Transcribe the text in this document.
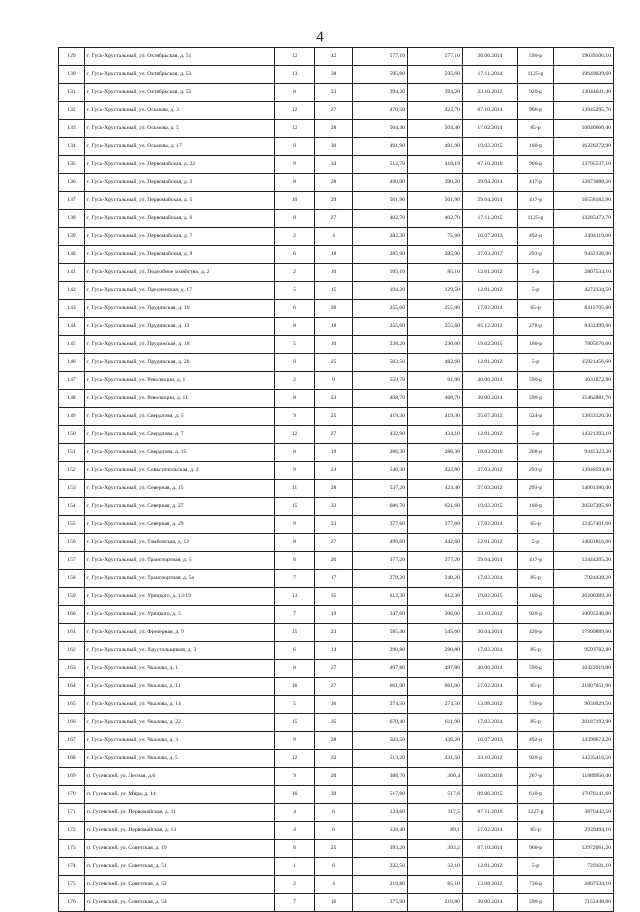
4
129	г. Гусь-Хрустальный, ул. Октябрьская, д. 51	12	42	577,10	577,10	30.06.2014	590-р	19039106,10
130	г. Гусь-Хрустальный, ул. Октябрьская, д. 53	13	38	595,60	595,60	17.11.2014	1125-р	19649039,60
131	г. Гусь-Хрустальный, ул. Октябрьская, д. 55	8	23	394,20	394,20	23.10.2012	920-р	13044641,40
132	г. Гусь-Хрустальный, ул. Осьмова, д. 3	12	27	470,50	422,70	07.10.2014	966-р	13945295,70
133	г. Гусь-Хрустальный, ул. Осьмова, д. 5	12	28	504,40	504,40	17.02.2014	85-р	16640660,40
134	г. Гусь-Хрустальный, ул. Осьмова, д. 17	9	30	491,90	491,90	19.02.2015	160-р	16228272,90
135	г. Гусь-Хрустальный, ул. Первомайская, д. 22	9	34	512,70	418,19	07.10.2016	966-р	13795537,10
136	г. Гусь-Хрустальный, ул. Первомайская, д. 3	8	28	490,00	390,20	29.04.2014	417-р	12873088,20
137	г. Гусь-Хрустальный, ул. Первомайская, д. 5	10	29	501,90	501,90	29.04.2014	417-р	16558182,90
138	г. Гусь-Хрустальный, ул. Первомайская, д. 6	8	27	402,70	402,70	17.11.2015	1125-р	13285473,70
139	г. Гусь-Хрустальный, ул. Первомайская, д. 7	2	4	282,30	75,60	10.07.2013	492-р	2494119,60
140	г. Гусь-Хрустальный, ул. Первомайская, д. 9	6	18	285,90	285,90	27.03.2017	293-р	9432126,90
141	г. Гусь-Хрустальный, ул. Подсобное хозяйство, д. 2	2	10	105,10	85,10	12.01.2012	5-р	2807534,10
142	г. Гусь-Хрустальный, ул. Пресненская, д. 17	5	15	194,20	129,50	12.01.2012	5-р	4272334,50
143	г. Гусь-Хрустальный, ул. Прудинская, д. 10	6	20	255,00	255,00	17.02.2014	85-р	8412705,00
144	г. Гусь-Хрустальный, ул. Прудинская, д. 12	8	18	255,60	255,60	05.12.2013	278-р	8432499,60
145	г. Гусь-Хрустальный, ул. Прудинская, д. 18	5	10	238,20	236,60	19.02.2015	160-р	7805670,60
146	г. Гусь-Хрустальный, ул. Прудинская, д. 28	9	25	503,50	482,60	12.01.2012	5-р	15921456,60
147	г. Гусь-Хрустальный, ул. Революции, д. 1	2	9	559,70	91,90	30.06.2014	590-р	3031872,90
148	г. Гусь-Хрустальный, ул. Революции, д. 11	8	23	468,70	468,70	30.06.2014	590-р	15462881,70
149	г. Гусь-Хрустальный, ул. Свердлова, д. 5	9	25	419,30	419,30	25.07.2013	524-р	13833126,30
150	г. Гусь-Хрустальный, ул. Свердлова, д. 7	12	27	432,90	434,10	12.01.2012	5-р	14321393,10
151	г. Гусь-Хрустальный, ул. Свердлова, д. 15	8	19	286,30	286,30	18.03.2016	268-р	9445323,30
152	г. Гусь-Хрустальный, ул. Севастопольская, д. 4	9	24	546,30	422,80	27.03.2012	293-р	13948594,80
153	г. Гусь-Хрустальный, ул. Северная, д. 15	11	28	537,20	424,40	27.03.2012	293-р	14001380,40
154	г. Гусь-Хрустальный, ул. Северная, д. 27	15	33	686,70	621,60	19.02.2015	160-р	20507205,60
155	г. Гусь-Хрустальный, ул. Северная, д. 29	9	23	377,60	377,60	17.02.2014	85-р	12457401,60
156	г. Гусь-Хрустальный, ул. Тамбовская, д. 12	8	27	496,60	442,60	12.01.2012	5-р	14601816,60
157	г. Гусь-Хрустальный, ул. Транспортная, д. 5	8	26	377,20	377,20	29.04.2014	417-р	12444205,20
158	г. Гусь-Хрустальный, ул. Транспортная, д. 5а	7	17	278,20	240,20	17.02.2014	85-р	7924438,20
159	г. Гусь-Хрустальный, ул. Урицкого, д. 13/19	13	35	612,30	612,30	19.02.2015	160-р	20200389,30
160	г. Гусь-Хрустальный, ул. Урицкого, д. 5	7	19	347,60	306,00	23.10.2012	920-р	10095246,00
161	г. Гусь-Хрустальный, ул. Фрезерная, д. 9	15	23	585,40	545,60	30.04.2014	420-р	17999889,60
162	г. Гусь-Хрустальный, ул. Хрустальщиков, д. 3	6	14	290,80	290,80	17.02.2014	85-р	9593782,80
163	г. Гусь-Хрустальный, ул. Чкалова, д. 1	8	27	497,80	497,80	30.06.2014	590-р	16422919,80
164	г. Гусь-Хрустальный, ул. Чкалова, д. 11	16	27	661,00	661,00	17.02.2014	85-р	21807051,00
165	г. Гусь-Хрустальный, ул. Чкалова, д. 14	5	16	274,50	274,50	13.08.2012	736-р	9056029,50
166	г. Гусь-Хрустальный, ул. Чкалова, д. 22	15	35	670,40	611,90	17.02.2014	85-р	20187193,90
167	г. Гусь-Хрустальный, ул. Чкалова, д. 3	9	28	503,50	436,20	10.07.2013	492-р	14390674,20
168	г. Гусь-Хрустальный, ул. Чкалова, д. 5	12	32	513,20	431,50	23.10.2012	920-р	14235416,50
169	п. Гусевский, ул. Лесная, д.6	9	20	388,70	360,4	18.03.2016	267-р	11889956,40
170	п. Гусевский, ул. Мира, д. 14	16	39	517,60	517,6	09.06.2015	610-р	17076141,60
171	п. Гусевский, ул. Первомайская, д. 11	4	6	134,60	117,5	07.11.2016	1227-р	3876442,50
172	п. Гусевский, ул. Первомайская, д. 13	4	6	128,40	89,1	17.02.2014	85-р	2939494,10
173	п. Гусевский, ул. Советская, д. 19	8	25	393,20	393,2	07.10.2014	966-р	12972061,20
174	п. Гусевский, ул. Советская, д. 51	1	6	232,50	32,10	12.01.2012	5-р	729101,10
175	п. Гусевский, ул. Советская, д. 52	2	4	219,80	85,10	13.08.2012	736-р	2807534,10
176	п. Гусевский, ул. Советская, д. 54	7	16	375,90	216,80	30.06.2014	590-р	7152448,80
